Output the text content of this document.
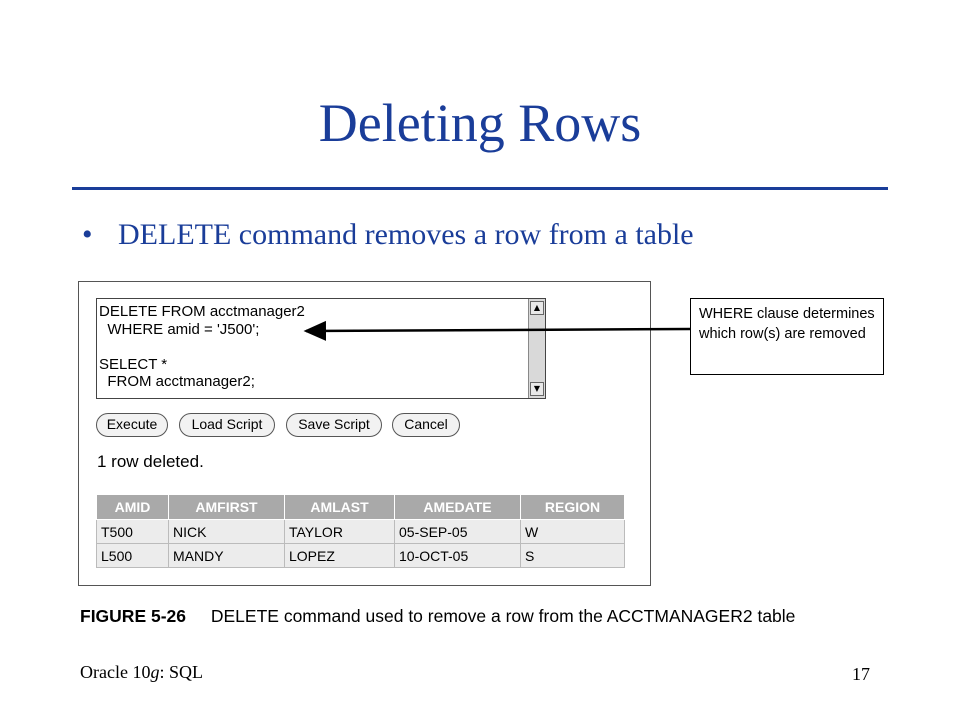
Deleting Rows
• DELETE command removes a row from a table
DELETE FROM acctmanager2
WHERE amid = 'J500';

SELECT *
FROM acctmanager2;
▲
▼
Execute	Load Script	Save Script	Cancel
1 row deleted.
AMID	AMFIRST	AMLAST	AMEDATE	REGION
T500	NICK	TAYLOR	05-SEP-05	W
L500	MANDY	LOPEZ	10-OCT-05	S
WHERE clause determines which row(s) are removed
FIGURE 5-26 DELETE command used to remove a row from the ACCTMANAGER2 table
Oracle 10g: SQL	17
